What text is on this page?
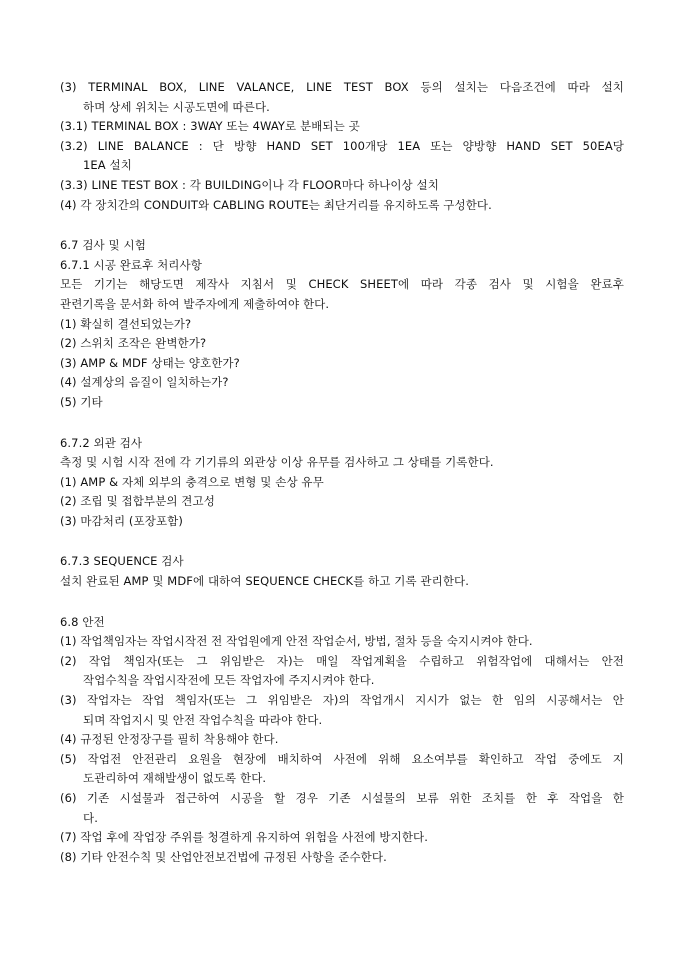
(3) TERMINAL BOX, LINE VALANCE, LINE TEST BOX 등의 설치는 다음조건에 따라 설치
하며 상세 위치는 시공도면에 따른다.
(3.1) TERMINAL BOX : 3WAY 또는 4WAY로 분배되는 곳
(3.2) LINE BALANCE : 단 방향 HAND SET 100개당 1EA 또는 양방향 HAND SET 50EA당
1EA 설치
(3.3) LINE TEST BOX : 각 BUILDING이나 각 FLOOR마다 하나이상 설치
(4) 각 장치간의 CONDUIT와 CABLING ROUTE는 최단거리를 유지하도록 구성한다.
6.7 검사 및 시험
6.7.1 시공 완료후 처리사항
모든 기기는 해당도면 제작사 지침서 및 CHECK SHEET에 따라 각종 검사 및 시험을 완료후
관련기록을 문서화 하여 발주자에게 제출하여야 한다.
(1) 확실히 결선되었는가?
(2) 스위치 조작은 완벽한가?
(3) AMP & MDF 상태는 양호한가?
(4) 설계상의 음질이 일치하는가?
(5) 기타
6.7.2 외관 검사
측정 및 시험 시작 전에 각 기기류의 외관상 이상 유무를 검사하고 그 상태를 기록한다.
(1) AMP & 자체 외부의 충격으로 변형 및 손상 유무
(2) 조립 및 접합부분의 견고성
(3) 마감처리 (포장포함)
6.7.3 SEQUENCE 검사
설치 완료된 AMP 및 MDF에 대하여 SEQUENCE CHECK를 하고 기록 관리한다.
6.8 안전
(1) 작업책임자는 작업시작전 전 작업원에게 안전 작업순서, 방법, 절차 등을 숙지시켜야 한다.
(2) 작업 책임자(또는 그 위임받은 자)는 매일 작업계획을 수립하고 위험작업에 대해서는 안전
작업수칙을 작업시작전에 모든 작업자에 주지시켜야 한다.
(3) 작업자는 작업 책임자(또는 그 위임받은 자)의 작업개시 지시가 없는 한 임의 시공해서는 안
되며 작업지시 및 안전 작업수칙을 따라야 한다.
(4) 규정된 안정장구를 필히 착용해야 한다.
(5) 작업전 안전관리 요원을 현장에 배치하여 사전에 위해 요소여부를 확인하고 작업 중에도 지
도관리하여 재해발생이 없도록 한다.
(6) 기존 시설물과 접근하여 시공을 할 경우 기존 시설물의 보류 위한 조치를 한 후 작업을 한
다.
(7) 작업 후에 작업장 주위를 청결하게 유지하여 위험을 사전에 방지한다.
(8) 기타 안전수칙 및 산업안전보건법에 규정된 사항을 준수한다.
